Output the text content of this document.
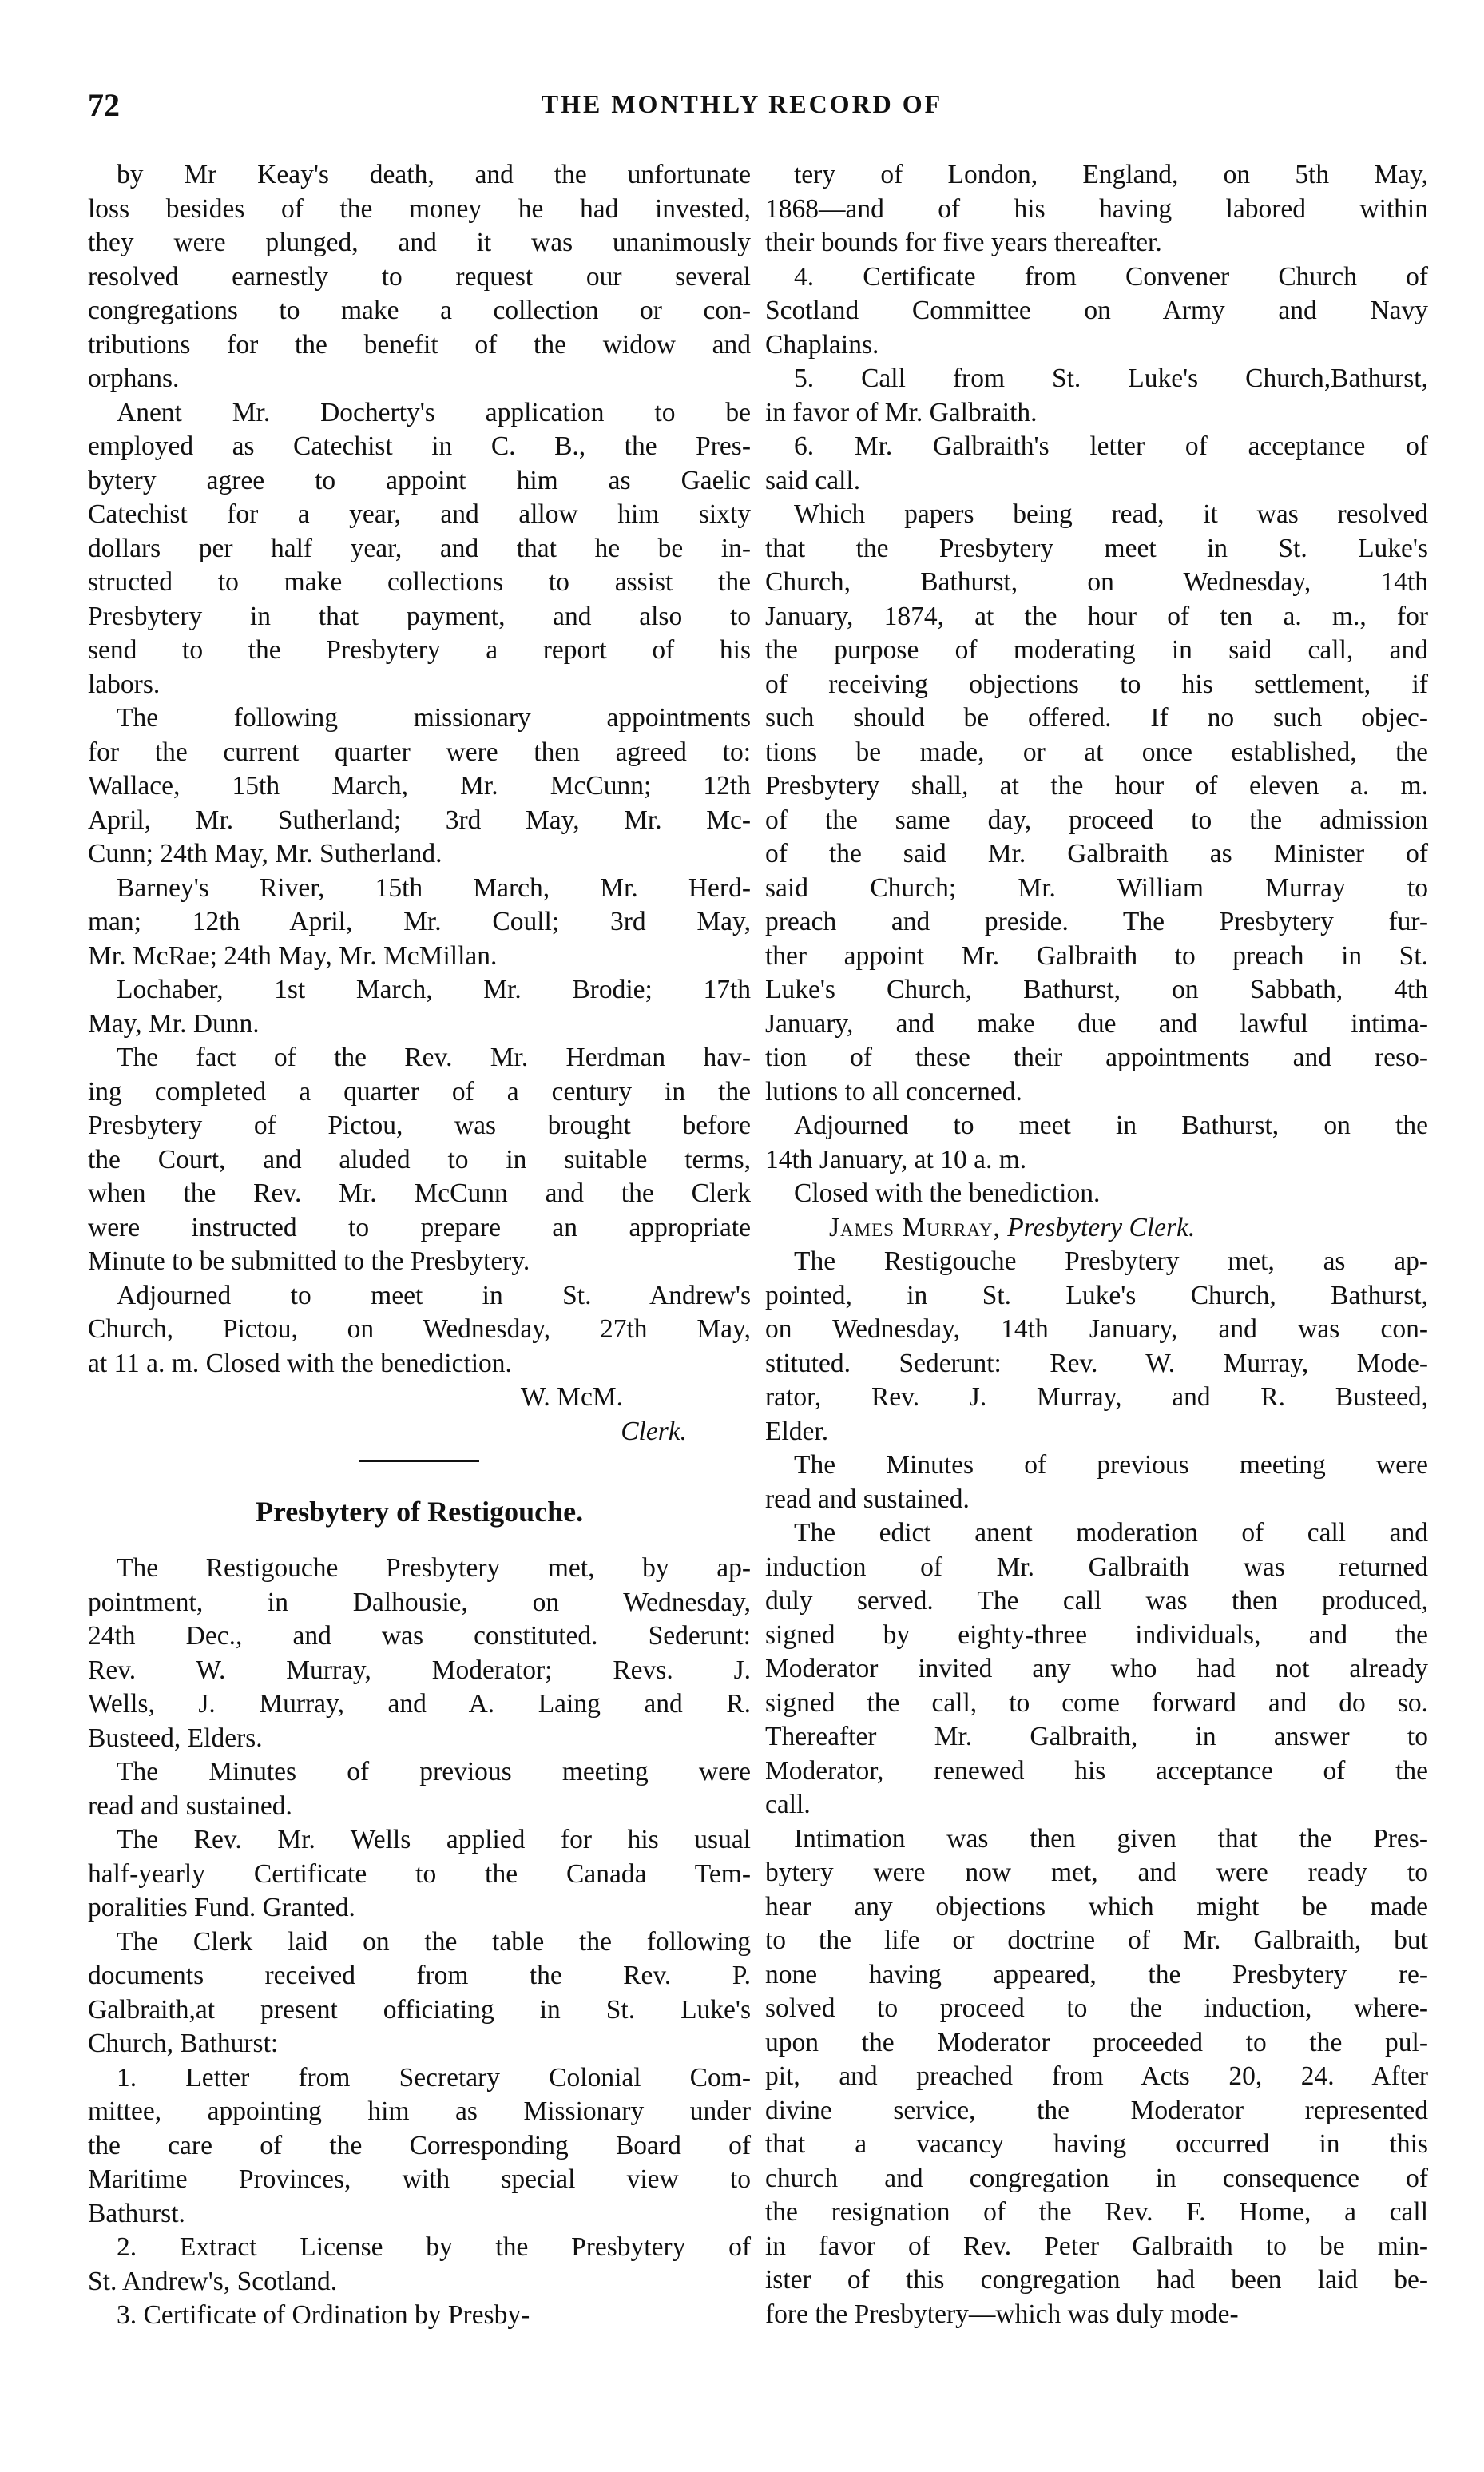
72	THE MONTHLY RECORD OF
by Mr Keay's death, and the unfortunate
loss besides of the money he had invested,
they were plunged, and it was unanimously
resolved earnestly to request our several
congregations to make a collection or con-
tributions for the benefit of the widow and
orphans.
Anent Mr. Docherty's application to be
employed as Catechist in C. B., the Pres-
bytery agree to appoint him as Gaelic
Catechist for a year, and allow him sixty
dollars per half year, and that he be in-
structed to make collections to assist the
Presbytery in that payment, and also to
send to the Presbytery a report of his
labors.
The following missionary appointments
for the current quarter were then agreed to:
Wallace, 15th March, Mr. McCunn; 12th
April, Mr. Sutherland; 3rd May, Mr. Mc-
Cunn; 24th May, Mr. Sutherland.
Barney's River, 15th March, Mr. Herd-
man; 12th April, Mr. Coull; 3rd May,
Mr. McRae; 24th May, Mr. McMillan.
Lochaber, 1st March, Mr. Brodie; 17th
May, Mr. Dunn.
The fact of the Rev. Mr. Herdman hav-
ing completed a quarter of a century in the
Presbytery of Pictou, was brought before
the Court, and aluded to in suitable terms,
when the Rev. Mr. McCunn and the Clerk
were instructed to prepare an appropriate
Minute to be submitted to the Presbytery.
Adjourned to meet in St. Andrew's
Church, Pictou, on Wednesday, 27th May,
at 11 a. m. Closed with the benediction.
W. McM.
Clerk.
Presbytery of Restigouche.
The Restigouche Presbytery met, by ap-
pointment, in Dalhousie, on Wednesday,
24th Dec., and was constituted. Sederunt:
Rev. W. Murray, Moderator; Revs. J.
Wells, J. Murray, and A. Laing and R.
Busteed, Elders.
The Minutes of previous meeting were
read and sustained.
The Rev. Mr. Wells applied for his usual
half-yearly Certificate to the Canada Tem-
poralities Fund. Granted.
The Clerk laid on the table the following
documents received from the Rev. P.
Galbraith,at present officiating in St. Luke's
Church, Bathurst:
1. Letter from Secretary Colonial Com-
mittee, appointing him as Missionary under
the care of the Corresponding Board of
Maritime Provinces, with special view to
Bathurst.
2. Extract License by the Presbytery of
St. Andrew's, Scotland.
3. Certificate of Ordination by Presby-
tery of London, England, on 5th May,
1868—and of his having labored within
their bounds for five years thereafter.
4. Certificate from Convener Church of
Scotland Committee on Army and Navy
Chaplains.
5. Call from St. Luke's Church,Bathurst,
in favor of Mr. Galbraith.
6. Mr. Galbraith's letter of acceptance of
said call.
Which papers being read, it was resolved
that the Presbytery meet in St. Luke's
Church, Bathurst, on Wednesday, 14th
January, 1874, at the hour of ten a. m., for
the purpose of moderating in said call, and
of receiving objections to his settlement, if
such should be offered. If no such objec-
tions be made, or at once established, the
Presbytery shall, at the hour of eleven a. m.
of the same day, proceed to the admission
of the said Mr. Galbraith as Minister of
said Church; Mr. William Murray to
preach and preside. The Presbytery fur-
ther appoint Mr. Galbraith to preach in St.
Luke's Church, Bathurst, on Sabbath, 4th
January, and make due and lawful intima-
tion of these their appointments and reso-
lutions to all concerned.
Adjourned to meet in Bathurst, on the
14th January, at 10 a. m.
Closed with the benediction.
James Murray, Presbytery Clerk.
The Restigouche Presbytery met, as ap-
pointed, in St. Luke's Church, Bathurst,
on Wednesday, 14th January, and was con-
stituted. Sederunt: Rev. W. Murray, Mode-
rator, Rev. J. Murray, and R. Busteed,
Elder.
The Minutes of previous meeting were
read and sustained.
The edict anent moderation of call and
induction of Mr. Galbraith was returned
duly served. The call was then produced,
signed by eighty-three individuals, and the
Moderator invited any who had not already
signed the call, to come forward and do so.
Thereafter Mr. Galbraith, in answer to
Moderator, renewed his acceptance of the
call.
Intimation was then given that the Pres-
bytery were now met, and were ready to
hear any objections which might be made
to the life or doctrine of Mr. Galbraith, but
none having appeared, the Presbytery re-
solved to proceed to the induction, where-
upon the Moderator proceeded to the pul-
pit, and preached from Acts 20, 24. After
divine service, the Moderator represented
that a vacancy having occurred in this
church and congregation in consequence of
the resignation of the Rev. F. Home, a call
in favor of Rev. Peter Galbraith to be min-
ister of this congregation had been laid be-
fore the Presbytery—which was duly mode-
